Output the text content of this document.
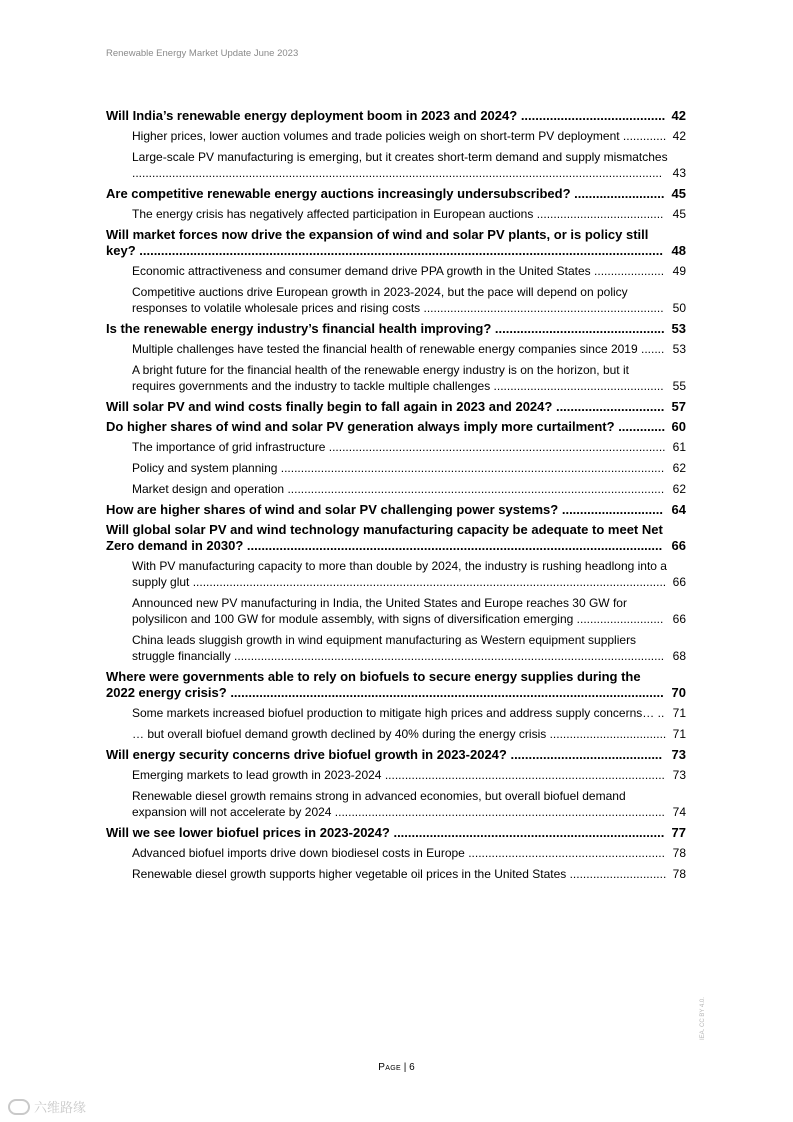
Renewable Energy Market Update June 2023
Will India’s renewable energy deployment boom in 2023 and 2024? ........................................ 42
Higher prices, lower auction volumes and trade policies weigh on short-term PV deployment ............. 42
Large-scale PV manufacturing is emerging, but it creates short-term demand and supply mismatches
............................................................................................................................................................... 43
Are competitive renewable energy auctions increasingly undersubscribed? ......................... 45
The energy crisis has negatively affected participation in European auctions ...................................... 45
Will market forces now drive the expansion of wind and solar PV plants, or is policy still key? ................................................................................................................................................. 48
Economic attractiveness and consumer demand drive PPA growth in the United States ..................... 49
Competitive auctions drive European growth in 2023-2024, but the pace will depend on policy responses to volatile wholesale prices and rising costs ........................................................................ 50
Is the renewable energy industry’s financial health improving? ............................................... 53
Multiple challenges have tested the financial health of renewable energy companies since 2019 ....... 53
A bright future for the financial health of the renewable energy industry is on the horizon, but it requires governments and the industry to tackle multiple challenges ................................................... 55
Will solar PV and wind costs finally begin to fall again in 2023 and 2024? .............................. 57
Do higher shares of wind and solar PV generation always imply more curtailment? ............. 60
The importance of grid infrastructure ..................................................................................................... 61
Policy and system planning ................................................................................................................... 62
Market design and operation ................................................................................................................. 62
How are higher shares of wind and solar PV challenging power systems? ............................ 64
Will global solar PV and wind technology manufacturing capacity be adequate to meet Net Zero demand in 2030? ................................................................................................................... 66
With PV manufacturing capacity to more than double by 2024, the industry is rushing headlong into a supply glut .............................................................................................................................................. 66
Announced new PV manufacturing in India, the United States and Europe reaches 30 GW for polysilicon and 100 GW for module assembly, with signs of diversification emerging .......................... 66
China leads sluggish growth in wind equipment manufacturing as Western equipment suppliers struggle financially ................................................................................................................................. 68
Where were governments able to rely on biofuels to secure energy supplies during the 2022 energy crisis? ........................................................................................................................ 70
Some markets increased biofuel production to mitigate high prices and address supply concerns… .. 71
… but overall biofuel demand growth declined by 40% during the energy crisis ................................... 71
Will energy security concerns drive biofuel growth in 2023-2024? .......................................... 73
Emerging markets to lead growth in 2023-2024 .................................................................................... 73
Renewable diesel growth remains strong in advanced economies, but overall biofuel demand expansion will not accelerate by 2024 ................................................................................................... 74
Will we see lower biofuel prices in 2023-2024? ........................................................................... 77
Advanced biofuel imports drive down biodiesel costs in Europe ........................................................... 78
Renewable diesel growth supports higher vegetable oil prices in the United States ............................. 78
Page | 6
IEA. CC BY 4.0.
六维路缘
